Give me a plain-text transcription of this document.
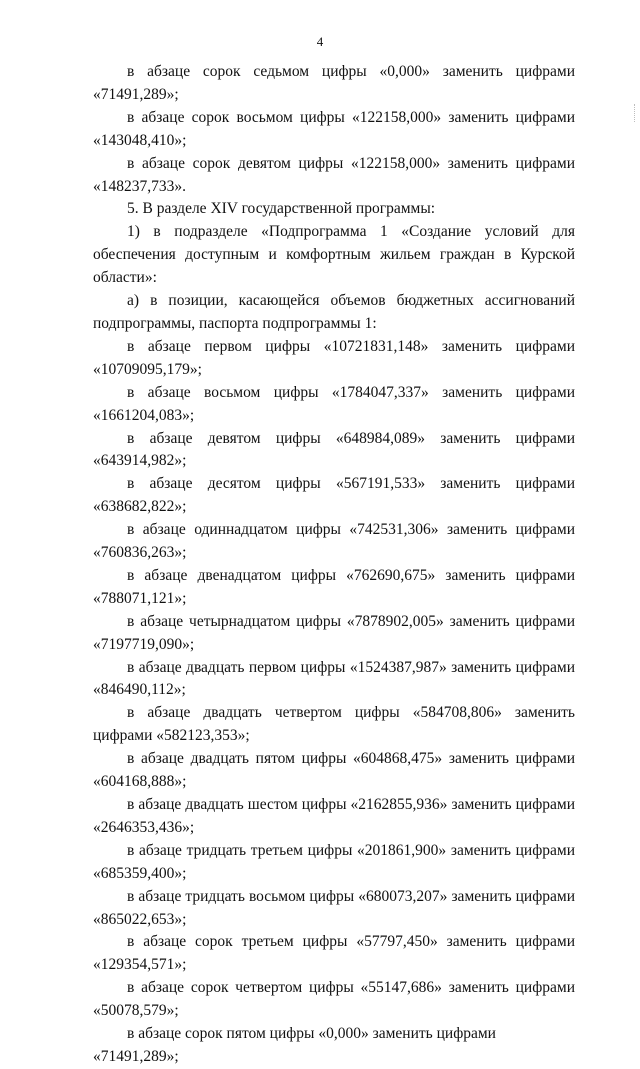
4

в абзаце сорок седьмом цифры «0,000» заменить цифрами «71491,289»;

в абзаце сорок восьмом цифры «122158,000» заменить цифрами «143048,410»;

в абзаце сорок девятом цифры «122158,000» заменить цифрами «148237,733».

5. В разделе XIV государственной программы:

1) в подразделе «Подпрограмма 1 «Создание условий для обеспечения доступным и комфортным жильем граждан в Курской области»:

а) в позиции, касающейся объемов бюджетных ассигнований подпрограммы, паспорта подпрограммы 1:

в абзаце первом цифры «10721831,148» заменить цифрами «10709095,179»;

в абзаце восьмом цифры «1784047,337» заменить цифрами «1661204,083»;

в абзаце девятом цифры «648984,089» заменить цифрами «643914,982»;

в абзаце десятом цифры «567191,533» заменить цифрами «638682,822»;

в абзаце одиннадцатом цифры «742531,306» заменить цифрами «760836,263»;

в абзаце двенадцатом цифры «762690,675» заменить цифрами «788071,121»;

в абзаце четырнадцатом цифры «7878902,005» заменить цифрами «7197719,090»;

в абзаце двадцать первом цифры «1524387,987» заменить цифрами «846490,112»;

в абзаце двадцать четвертом цифры «584708,806» заменить цифрами «582123,353»;

в абзаце двадцать пятом цифры «604868,475» заменить цифрами «604168,888»;

в абзаце двадцать шестом цифры «2162855,936» заменить цифрами «2646353,436»;

в абзаце тридцать третьем цифры «201861,900» заменить цифрами «685359,400»;

в абзаце тридцать восьмом цифры «680073,207» заменить цифрами «865022,653»;

в абзаце сорок третьем цифры «57797,450» заменить цифрами «129354,571»;

в абзаце сорок четвертом цифры «55147,686» заменить цифрами «50078,579»;

в абзаце сорок пятом цифры «0,000» заменить цифрами «71491,289»;
